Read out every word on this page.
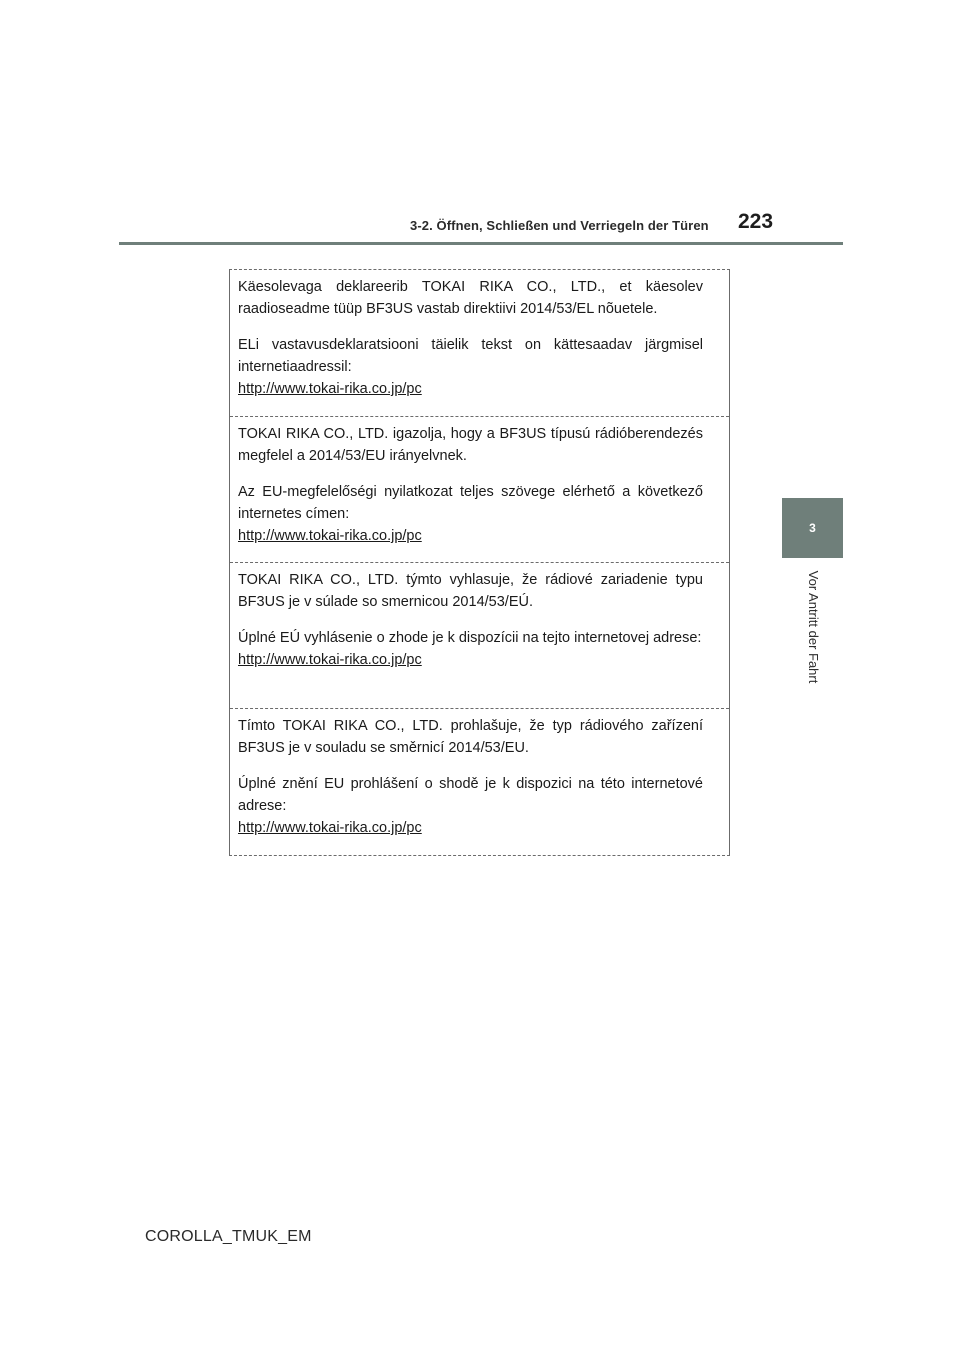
3-2. Öffnen, Schließen und Verriegeln der Türen 223
3
Vor Antritt der Fahrt

Käesolevaga deklareerib TOKAI RIKA CO., LTD., et käesolev raadioseadme tüüp BF3US vastab direktiivi 2014/53/EL nõuetele.

ELi vastavusdeklaratsiooni täielik tekst on kättesaadav järgmisel internetiaadressil:
http://www.tokai-rika.co.jp/pc

TOKAI RIKA CO., LTD. igazolja, hogy a BF3US típusú rádióberendezés megfelel a 2014/53/EU irányelvnek.

Az EU-megfelelőségi nyilatkozat teljes szövege elérhető a következő internetes címen:
http://www.tokai-rika.co.jp/pc

TOKAI RIKA CO., LTD. týmto vyhlasuje, že rádiové zariadenie typu BF3US je v súlade so smernicou 2014/53/EÚ.

Úplné EÚ vyhlásenie o zhode je k dispozícii na tejto internetovej adrese:
http://www.tokai-rika.co.jp/pc

Tímto TOKAI RIKA CO., LTD. prohlašuje, že typ rádiového zařízení BF3US je v souladu se směrnicí 2014/53/EU.

Úplné znění EU prohlášení o shodě je k dispozici na této internetové adrese:
http://www.tokai-rika.co.jp/pc

COROLLA_TMUK_EM
